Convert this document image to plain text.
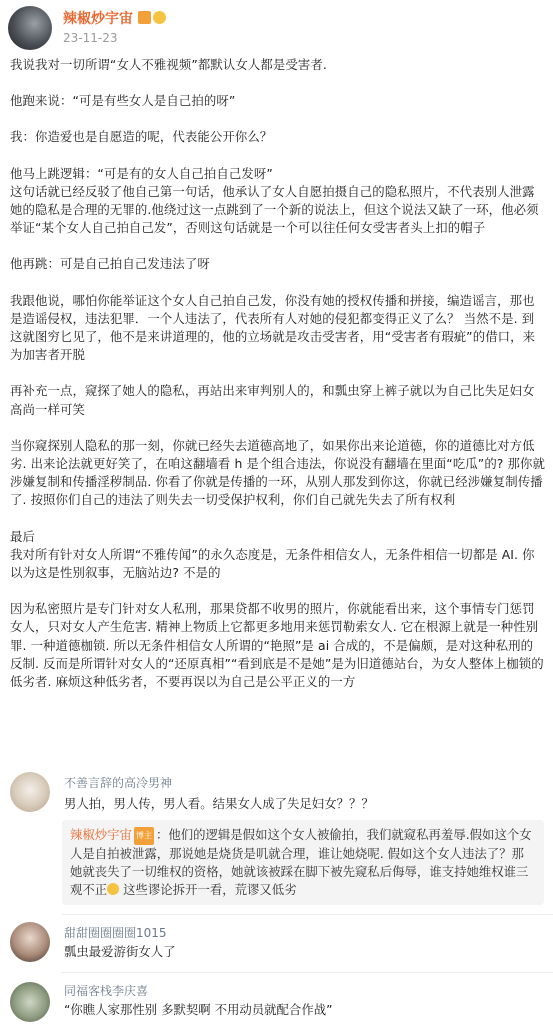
辣椒炒宇宙
23-11-23

我说我对一切所谓“女人不雅视频”都默认女人都是受害者.

他跑来说：“可是有些女人是自己拍的呀”

我：你造爱也是自愿造的呢，代表能公开你么？

他马上跳逻辑：“可是有的女人自己拍自己发呀”
这句话就已经反驳了他自己第一句话，他承认了女人自愿拍摄自己的隐私照片，不代表别人泄露她的隐私是合理的无罪的.他绕过这一点跳到了一个新的说法上，但这个说法又缺了一环，他必须举证“某个女人自己拍自己发”，否则这句话就是一个可以往任何女受害者头上扣的帽子

他再跳：可是自己拍自己发违法了呀

我跟他说，哪怕你能举证这个女人自己拍自己发，你没有她的授权传播和拼接，编造谣言，那也是造谣侵权，违法犯罪．一个人违法了，代表所有人对她的侵犯都变得正义了么？ 当然不是. 到这就图穷匕见了，他不是来讲道理的，他的立场就是攻击受害者，用“受害者有瑕疵”的借口，来为加害者开脱

再补充一点，窥探了她人的隐私，再站出来审判别人的，和瓢虫穿上裤子就以为自己比失足妇女高尚一样可笑

当你窥探别人隐私的那一刻，你就已经失去道德高地了，如果你出来论道德，你的道德比对方低劣. 出来论法就更好笑了，在咱这翻墙看 h 是个组合违法，你说没有翻墙在里面“吃瓜”的? 那你就涉嫌复制和传播淫秽制品. 你看了你就是传播的一环，从别人那发到你这，你就已经涉嫌复制传播了. 按照你们自己的违法了则失去一切受保护权利，你们自己就先失去了所有权利

最后
我对所有针对女人所谓“不雅传闻”的永久态度是，无条件相信女人，无条件相信一切都是 AI. 你以为这是性别叙事，无脑站边? 不是的

因为私密照片是专门针对女人私刑，那果贷都不收男的照片，你就能看出来，这个事情专门惩罚女人，只对女人产生危害. 精神上物质上它都更多地用来惩罚勒索女人. 它在根源上就是一种性别罪. 一种道德枷锁. 所以无条件相信女人所谓的“艳照”是 ai 合成的，不是偏颇，是对这种私刑的反制. 反而是所谓针对女人的“还原真相”“看到底是不是她”是为旧道德站台，为女人整体上枷锁的低劣者. 麻烦这种低劣者，不要再误以为自己是公平正义的一方

不善言辞的高冷男神
男人拍，男人传，男人看。结果女人成了失足妇女？？？
辣椒炒宇宙 博主 ：他们的逻辑是假如这个女人被偷拍，我们就窥私再羞辱.假如这个女人是自拍被泄露，那说她是烧货是叽就合理，谁让她烧呢. 假如这个女人违法了？那她就丧失了一切维权的资格，她就该被踩在脚下被先窥私后侮辱，谁支持她维权谁三观不正 这些谬论拆开一看，荒谬又低劣
甜甜圈圈圈圈1015
瓢虫最爱游街女人了
同福客栈李庆喜
“你瞧人家那性别 多默契啊 不用动员就配合作战”
